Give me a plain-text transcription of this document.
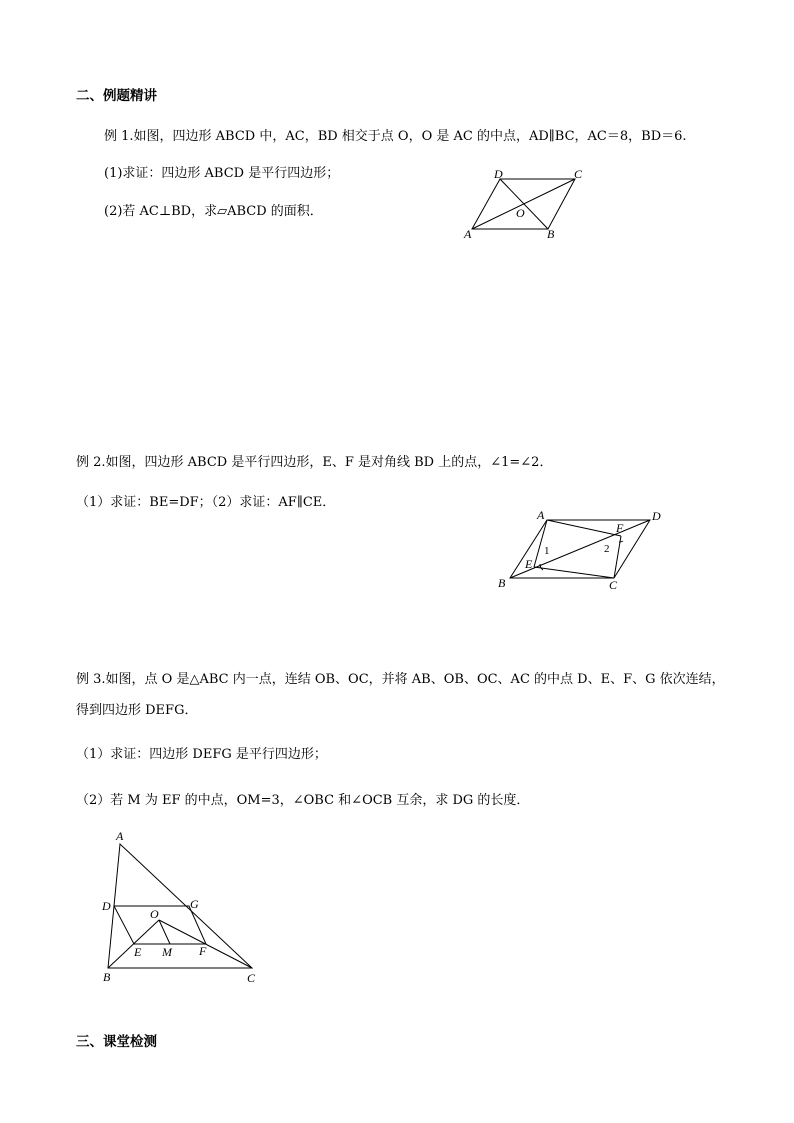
二、例题精讲
例 1.如图，四边形 ABCD 中，AC，BD 相交于点 O，O 是 AC 的中点，AD∥BC，AC＝8，BD＝6.
(1)求证：四边形 ABCD 是平行四边形；
(2)若 AC⊥BD，求▱ABCD 的面积．
D	C
A	B
O
例 2.如图，四边形 ABCD 是平行四边形，E、F 是对角线 BD 上的点，∠1=∠2．
（1）求证：BE=DF；（2）求证：AF∥CE．
A	D
F
E
B	C
1	2
例 3.如图，点 O 是△ABC 内一点，连结 OB、OC，并将 AB、OB、OC、AC 的中点 D、E、F、G 依次连结，
得到四边形 DEFG．
（1）求证：四边形 DEFG 是平行四边形；
（2）若 M 为 EF 的中点，OM=3，∠OBC 和∠OCB 互余，求 DG 的长度．
A
D	G
O
E M F
B	C
三、课堂检测
